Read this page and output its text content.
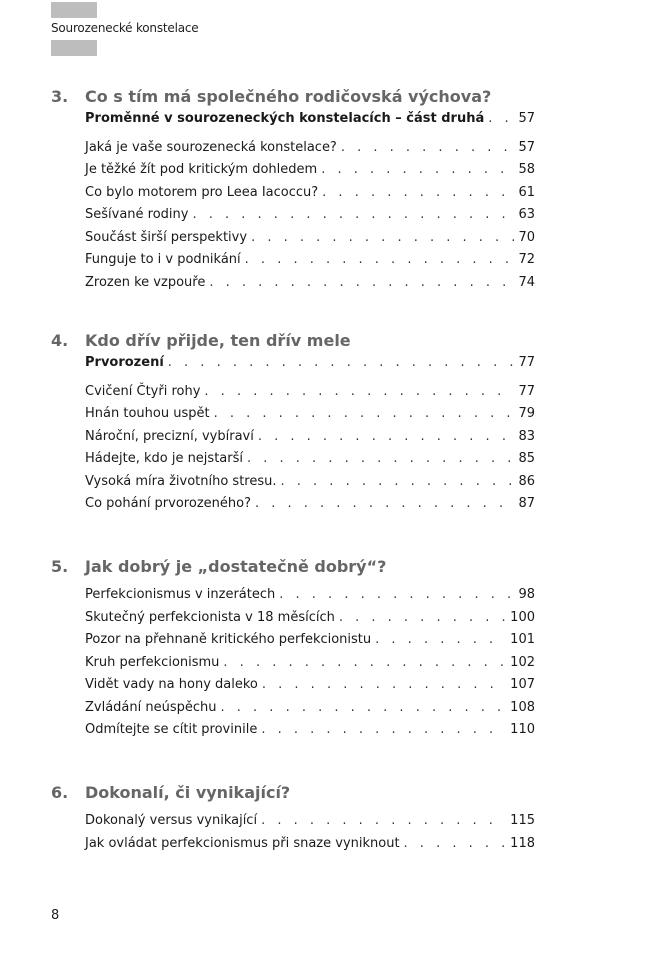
Sourozenecké konstelace
3.	Co s tím má společného rodičovská výchova?
Proměnné v sourozeneckých konstelacích – část druhá . . .	57
Jaká je vaše sourozenecká konstelace? . . .	57
Je těžké žít pod kritickým dohledem . . .	58
Co bylo motorem pro Leea Iacoccu? . . .	61
Sešívané rodiny . . .	63
Součást širší perspektivy . . .	70
Funguje to i v podnikání . . .	72
Zrozen ke vzpouře . . .	74
4.	Kdo dřív přijde, ten dřív mele
Prvorození . . .	77
Cvičení Čtyři rohy . . .	77
Hnán touhou uspět . . .	79
Nároční, precizní, vybíraví . . .	83
Hádejte, kdo je nejstarší . . .	85
Vysoká míra životního stresu. . . .	86
Co pohání prvorozeného? . . .	87
5.	Jak dobrý je „dostatečně dobrý“?
Perfekcionismus v inzerátech . . .	98
Skutečný perfekcionista v 18 měsících . . .	100
Pozor na přehnaně kritického perfekcionistu . . .	101
Kruh perfekcionismu . . .	102
Vidět vady na hony daleko . . .	107
Zvládání neúspěchu . . .	108
Odmítejte se cítit provinile . . .	110
6.	Dokonalí, či vynikající?
Dokonalý versus vynikající . . .	115
Jak ovládat perfekcionismus při snaze vyniknout . . .	118
8
